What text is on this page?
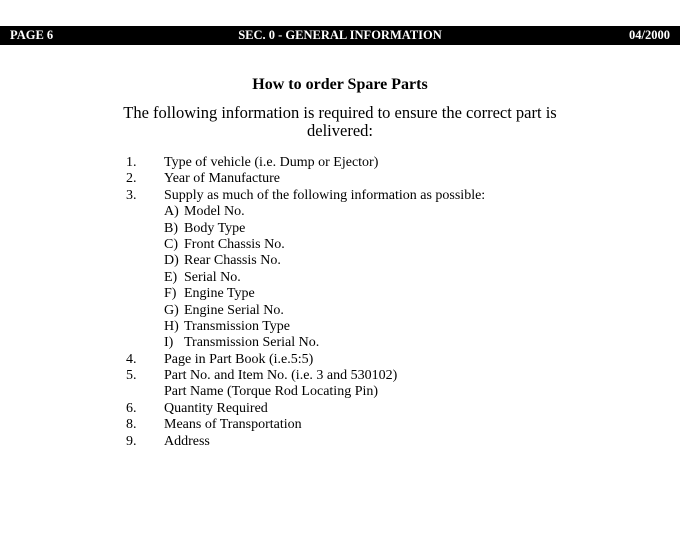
SEC. 0 - GENERAL INFORMATION
PAGE 6	04/2000
How to order Spare Parts
The following information is required to ensure the correct part is delivered:
1. Type of vehicle (i.e. Dump or Ejector)
2. Year of Manufacture
3. Supply as much of the following information as possible:
A) Model No.
B) Body Type
C) Front Chassis No.
D) Rear Chassis No.
E) Serial No.
F) Engine Type
G) Engine Serial No.
H) Transmission Type
I) Transmission Serial No.
4. Page in Part Book (i.e.5:5)
5. Part No. and Item No. (i.e. 3 and 530102)
Part Name (Torque Rod Locating Pin)
6. Quantity Required
8. Means of Transportation
9. Address
